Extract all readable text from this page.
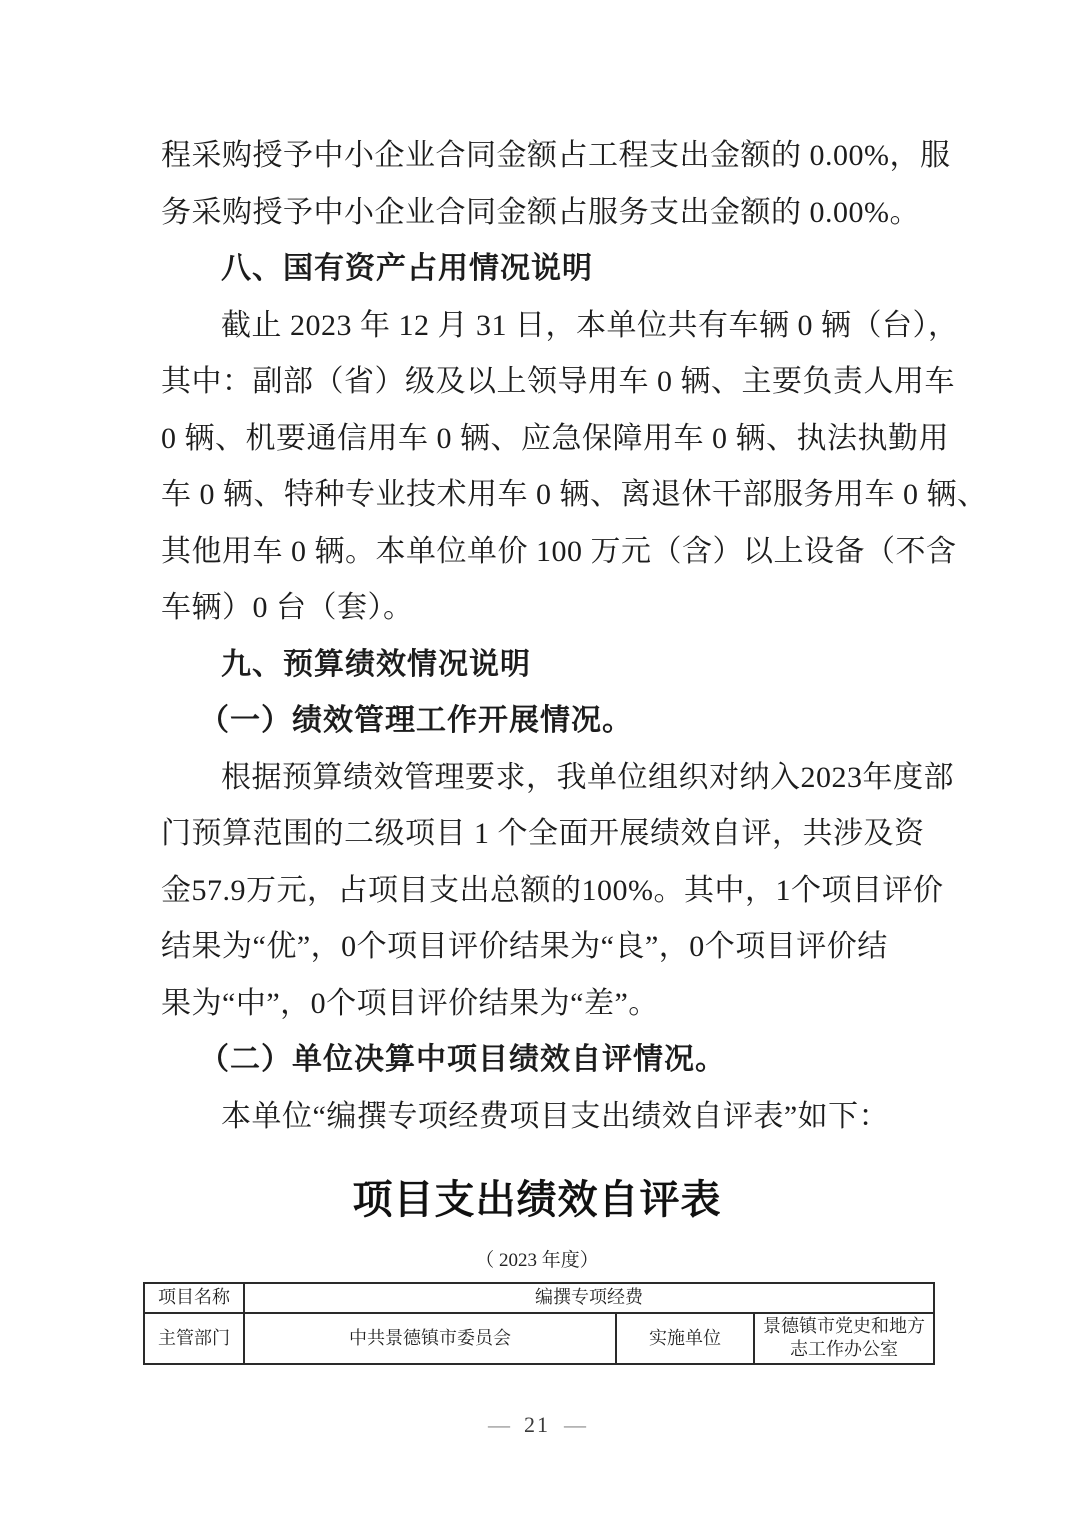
程采购授予中小企业合同金额占工程支出金额的 0.00%，服
务采购授予中小企业合同金额占服务支出金额的 0.00%。
八、国有资产占用情况说明
截止 2023 年 12 月 31 日，本单位共有车辆 0 辆（台），
其中：副部（省）级及以上领导用车 0 辆、主要负责人用车
0 辆、机要通信用车 0 辆、应急保障用车 0 辆、执法执勤用
车 0 辆、特种专业技术用车 0 辆、离退休干部服务用车 0 辆、
其他用车 0 辆。本单位单价 100 万元（含）以上设备（不含
车辆）0 台（套）。
九、预算绩效情况说明
（一）绩效管理工作开展情况。
根据预算绩效管理要求，我单位组织对纳入2023年度部
门预算范围的二级项目 1 个全面开展绩效自评，共涉及资
金57.9万元，占项目支出总额的100%。其中，1个项目评价
结果为“优”，0个项目评价结果为“良”，0个项目评价结
果为“中”，0个项目评价结果为“差”。
（二）单位决算中项目绩效自评情况。
本单位“编撰专项经费项目支出绩效自评表”如下：
项目支出绩效自评表
（ 2023 年度）
项目名称	编撰专项经费		
主管部门	中共景德镇市委员会	实施单位	景德镇市党史和地方志工作办公室
— 21 —
